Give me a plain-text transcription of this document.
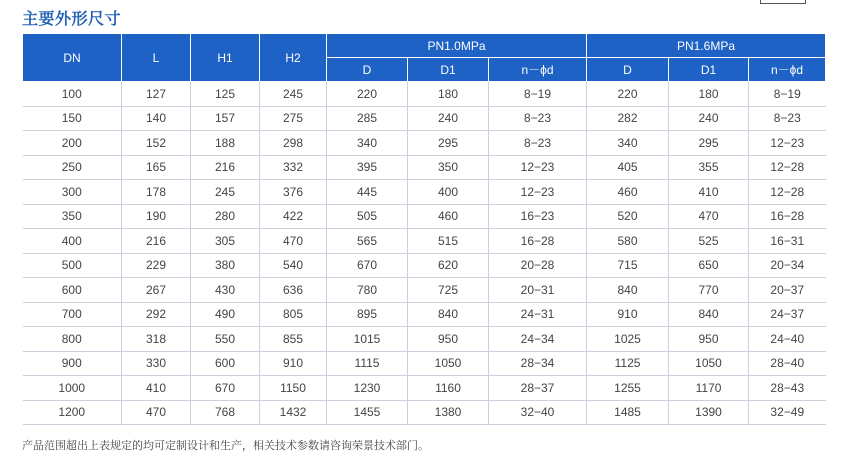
主要外形尺寸
DN	L	H1	H2	PN1.0MPa			PN1.6MPa		
				D	D1	n－ϕd	D	D1	n－ϕd
100	127	125	245	220	180	8−19	220	180	8−19
150	140	157	275	285	240	8−23	282	240	8−23
200	152	188	298	340	295	8−23	340	295	12−23
250	165	216	332	395	350	12−23	405	355	12−28
300	178	245	376	445	400	12−23	460	410	12−28
350	190	280	422	505	460	16−23	520	470	16−28
400	216	305	470	565	515	16−28	580	525	16−31
500	229	380	540	670	620	20−28	715	650	20−34
600	267	430	636	780	725	20−31	840	770	20−37
700	292	490	805	895	840	24−31	910	840	24−37
800	318	550	855	1015	950	24−34	1025	950	24−40
900	330	600	910	1115	1050	28−34	1125	1050	28−40
1000	410	670	1150	1230	1160	28−37	1255	1170	28−43
1200	470	768	1432	1455	1380	32−40	1485	1390	32−49
产品范围超出上表规定的均可定制设计和生产，相关技术参数请咨询荣景技术部门。
